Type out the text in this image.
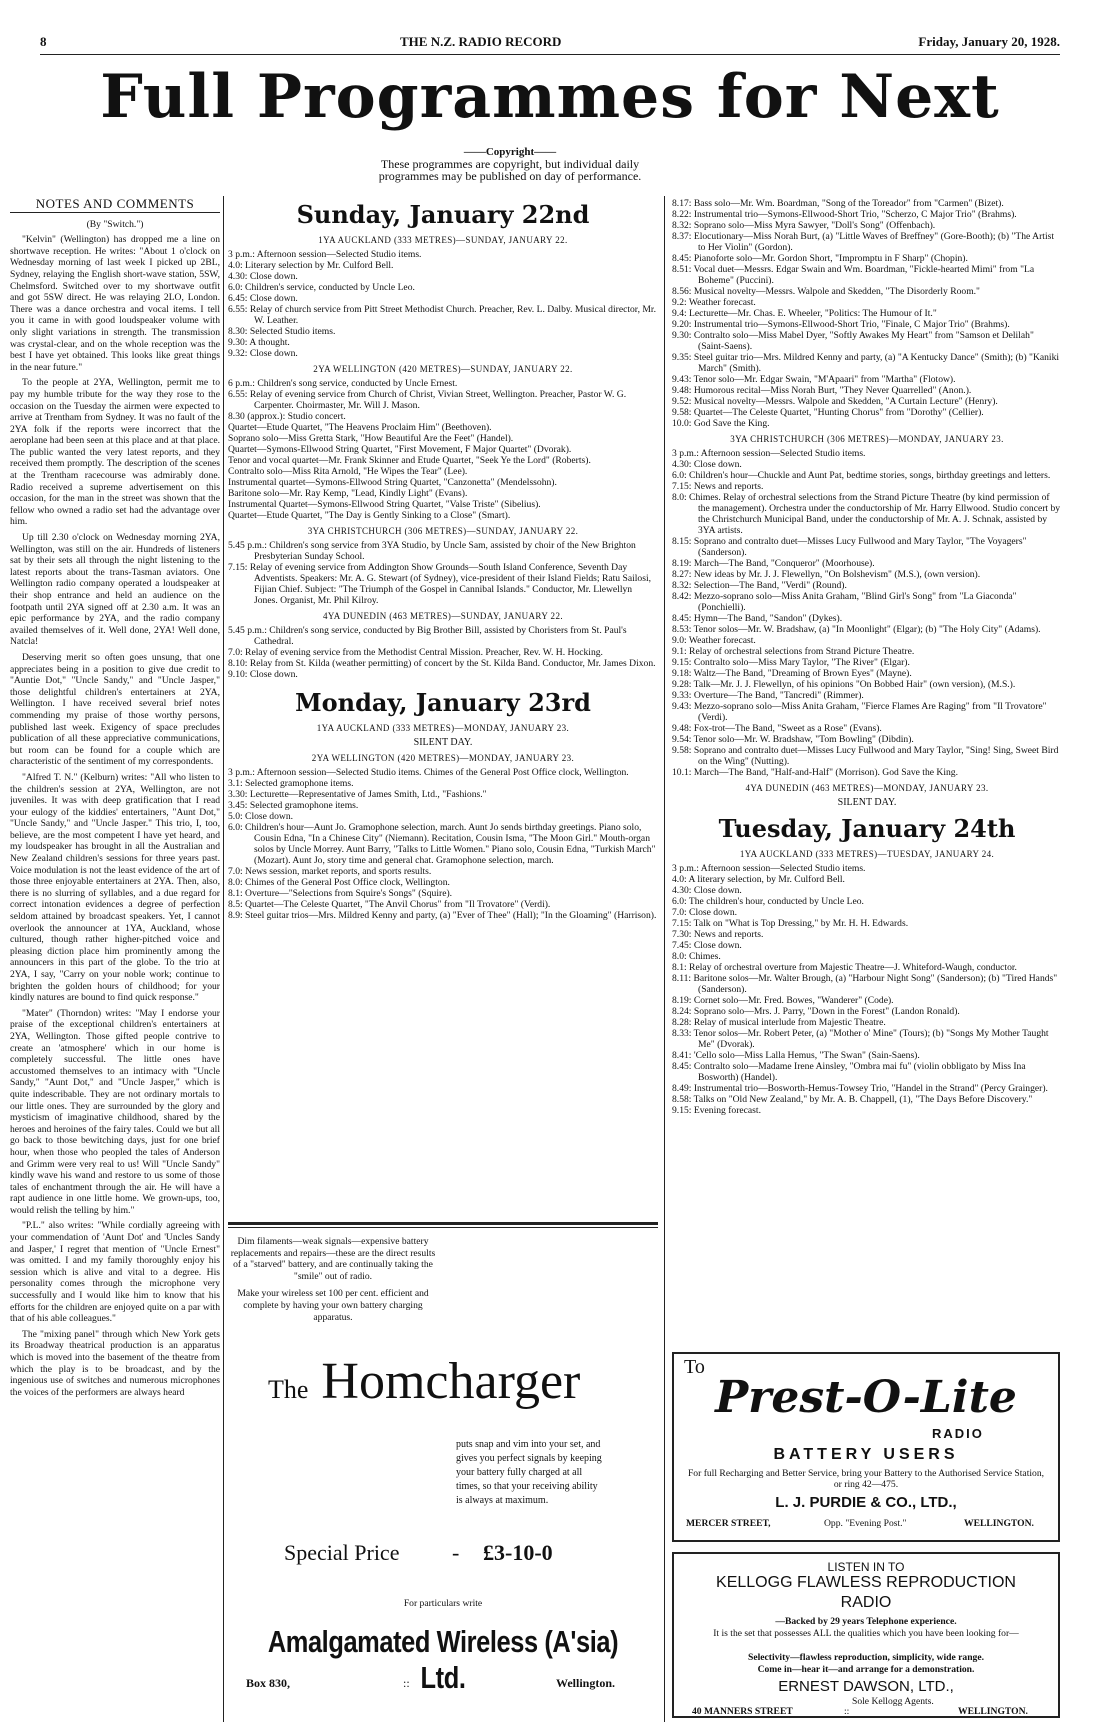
8	THE N.Z. RADIO RECORD	Friday, January 20, 1928.
Full Programmes for Next
——Copyright——
These programmes are copyright, but individual daily
programmes may be published on day of performance.
NOTES AND COMMENTS

(By "Switch.")

"Kelvin" (Wellington) has dropped me a line on shortwave reception. He writes: "About 1 o'clock on Wednesday morning of last week I picked up 2BL, Sydney, relaying the English short-wave station, 5SW, Chelmsford. Switched over to my shortwave outfit and got 5SW direct. He was relaying 2LO, London. There was a dance orchestra and vocal items. I tell you it came in with good loudspeaker volume with only slight variations in strength. The transmission was crystal-clear, and on the whole reception was the best I have yet obtained. This looks like great things in the near future."

To the people at 2YA, Wellington, permit me to pay my humble tribute for the way they rose to the occasion on the Tuesday the airmen were expected to arrive at Trentham from Sydney. It was no fault of the 2YA folk if the reports were incorrect that the aeroplane had been seen at this place and at that place. The public wanted the very latest reports, and they received them promptly. The description of the scenes at the Trentham racecourse was admirably done. Radio received a supreme advertisement on this occasion, for the man in the street was shown that the fellow who owned a radio set had the advantage over him.

Up till 2.30 o'clock on Wednesday morning 2YA, Wellington, was still on the air. Hundreds of listeners sat by their sets all through the night listening to the latest reports about the trans-Tasman aviators. One Wellington radio company operated a loudspeaker at their shop entrance and held an audience on the footpath until 2YA signed off at 2.30 a.m. It was an epic performance by 2YA, and the radio company availed themselves of it. Well done, 2YA! Well done, Natcla!

Deserving merit so often goes unsung, that one appreciates being in a position to give due credit to "Auntie Dot," "Uncle Sandy," and "Uncle Jasper," those delightful children's entertainers at 2YA, Wellington. I have received several brief notes commending my praise of those worthy persons, published last week. Exigency of space precludes publication of all these appreciative communications, but room can be found for a couple which are characteristic of the sentiment of my correspondents.

"Alfred T. N." (Kelburn) writes: "All who listen to the children's session at 2YA, Wellington, are not juveniles. It was with deep gratification that I read your eulogy of the kiddies' entertainers, "Aunt Dot," "Uncle Sandy," and "Uncle Jasper." This trio, I, too, believe, are the most competent I have yet heard, and my loudspeaker has brought in all the Australian and New Zealand children's sessions for three years past. Voice modulation is not the least evidence of the art of those three enjoyable entertainers at 2YA. Then, also, there is no slurring of syllables, and a due regard for correct intonation evidences a degree of perfection seldom attained by broadcast speakers. Yet, I cannot overlook the announcer at 1YA, Auckland, whose cultured, though rather higher-pitched voice and pleasing diction place him prominently among the announcers in this part of the globe. To the trio at 2YA, I say, "Carry on your noble work; continue to brighten the golden hours of childhood; for your kindly natures are bound to find quick response."

"Mater" (Thorndon) writes: "May I endorse your praise of the exceptional children's entertainers at 2YA, Wellington. Those gifted people contrive to create an 'atmosphere' which in our home is completely successful. The little ones have accustomed themselves to an intimacy with "Uncle Sandy," "Aunt Dot," and "Uncle Jasper," which is quite indescribable. They are not ordinary mortals to our little ones. They are surrounded by the glory and mysticism of imaginative childhood, shared by the heroes and heroines of the fairy tales. Could we but all go back to those bewitching days, just for one brief hour, when those who peopled the tales of Anderson and Grimm were very real to us! Will "Uncle Sandy" kindly wave his wand and restore to us some of those tales of enchantment through the air. He will have a rapt audience in one little home. We grown-ups, too, would relish the telling by him."

"P.L." also writes: "While cordially agreeing with your commendation of 'Aunt Dot' and 'Uncles Sandy and Jasper,' I regret that mention of "Uncle Ernest" was omitted. I and my family thoroughly enjoy his session which is alive and vital to a degree. His personality comes through the microphone very successfully and I would like him to know that his efforts for the children are enjoyed quite on a par with that of his able colleagues."

The "mixing panel" through which New York gets its Broadway theatrical production is an apparatus which is moved into the basement of the theatre from which the play is to be broadcast, and by the ingenious use of switches and numerous microphones the voices of the performers are always heard

Sunday, January 22nd
1YA AUCKLAND (333 METRES)—SUNDAY, JANUARY 22.
3 p.m.: Afternoon session—Selected Studio items.
4.0: Literary selection by Mr. Culford Bell.
4.30: Close down.
6.0: Children's service, conducted by Uncle Leo.
6.45: Close down.
6.55: Relay of church service from Pitt Street Methodist Church. Preacher, Rev. L. Dalby. Musical director, Mr. W. Leather.
8.30: Selected Studio items.
9.30: A thought.
9.32: Close down.
2YA WELLINGTON (420 METRES)—SUNDAY, JANUARY 22.
6 p.m.: Children's song service, conducted by Uncle Ernest.
6.55: Relay of evening service from Church of Christ, Vivian Street, Wellington. Preacher, Pastor W. G. Carpenter. Choirmaster, Mr. Will J. Mason.
8.30 (approx.): Studio concert.
Quartet—Etude Quartet, "The Heavens Proclaim Him" (Beethoven).
Soprano solo—Miss Gretta Stark, "How Beautiful Are the Feet" (Handel).
Quartet—Symons-Ellwood String Quartet, "First Movement, F Major Quartet" (Dvorak).
Tenor and vocal quartet—Mr. Frank Skinner and Etude Quartet, "Seek Ye the Lord" (Roberts).
Contralto solo—Miss Rita Arnold, "He Wipes the Tear" (Lee).
Instrumental quartet—Symons-Ellwood String Quartet, "Canzonetta" (Mendelssohn).
Baritone solo—Mr. Ray Kemp, "Lead, Kindly Light" (Evans).
Instrumental Quartet—Symons-Ellwood String Quartet, "Valse Triste" (Sibelius).
Quartet—Etude Quartet, "The Day is Gently Sinking to a Close" (Smart).
3YA CHRISTCHURCH (306 METRES)—SUNDAY, JANUARY 22.
5.45 p.m.: Children's song service from 3YA Studio, by Uncle Sam, assisted by choir of the New Brighton Presbyterian Sunday School.
7.15: Relay of evening service from Addington Show Grounds—South Island Conference, Seventh Day Adventists. Speakers: Mr. A. G. Stewart (of Sydney), vice-president of their Island Fields; Ratu Sailosi, Fijian Chief. Subject: "The Triumph of the Gospel in Cannibal Islands." Conductor, Mr. Llewellyn Jones. Organist, Mr. Phil Kilroy.
4YA DUNEDIN (463 METRES)—SUNDAY, JANUARY 22.
5.45 p.m.: Children's song service, conducted by Big Brother Bill, assisted by Choristers from St. Paul's Cathedral.
7.0: Relay of evening service from the Methodist Central Mission. Preacher, Rev. W. H. Hocking.
8.10: Relay from St. Kilda (weather permitting) of concert by the St. Kilda Band. Conductor, Mr. James Dixon.
9.10: Close down.
Monday, January 23rd
1YA AUCKLAND (333 METRES)—MONDAY, JANUARY 23.
SILENT DAY.
2YA WELLINGTON (420 METRES)—MONDAY, JANUARY 23.
3 p.m.: Afternoon session—Selected Studio items. Chimes of the General Post Office clock, Wellington.
3.1: Selected gramophone items.
3.30: Lecturette—Representative of James Smith, Ltd., "Fashions."
3.45: Selected gramophone items.
5.0: Close down.
6.0: Children's hour—Aunt Jo. Gramophone selection, march. Aunt Jo sends birthday greetings. Piano solo, Cousin Edna, "In a Chinese City" (Niemann). Recitation, Cousin Isma, "The Moon Girl." Mouth-organ solos by Uncle Morrey. Aunt Barry, "Talks to Little Women." Piano solo, Cousin Edna, "Turkish March" (Mozart). Aunt Jo, story time and general chat. Gramophone selection, march.
7.0: News session, market reports, and sports results.
8.0: Chimes of the General Post Office clock, Wellington.
8.1: Overture—"Selections from Squire's Songs" (Squire).
8.5: Quartet—The Celeste Quartet, "The Anvil Chorus" from "Il Trovatore" (Verdi).
8.9: Steel guitar trios—Mrs. Mildred Kenny and party, (a) "Ever of Thee" (Hall); "In the Gloaming" (Harrison).
8.17: Bass solo—Mr. Wm. Boardman, "Song of the Toreador" from "Carmen" (Bizet).
8.22: Instrumental trio—Symons-Ellwood-Short Trio, "Scherzo, C Major Trio" (Brahms).
8.32: Soprano solo—Miss Myra Sawyer, "Doll's Song" (Offenbach).
8.37: Elocutionary—Miss Norah Burt, (a) "Little Waves of Breffney" (Gore-Booth); (b) "The Artist to Her Violin" (Gordon).
8.45: Pianoforte solo—Mr. Gordon Short, "Impromptu in F Sharp" (Chopin).
8.51: Vocal duet—Messrs. Edgar Swain and Wm. Boardman, "Fickle-hearted Mimi" from "La Boheme" (Puccini).
8.56: Musical novelty—Messrs. Walpole and Skedden, "The Disorderly Room."
9.2: Weather forecast.
9.4: Lecturette—Mr. Chas. E. Wheeler, "Politics: The Humour of It."
9.20: Instrumental trio—Symons-Ellwood-Short Trio, "Finale, C Major Trio" (Brahms).
9.30: Contralto solo—Miss Mabel Dyer, "Softly Awakes My Heart" from "Samson et Delilah" (Saint-Saens).
9.35: Steel guitar trio—Mrs. Mildred Kenny and party, (a) "A Kentucky Dance" (Smith); (b) "Kaniki March" (Smith).
9.43: Tenor solo—Mr. Edgar Swain, "M'Apaari" from "Martha" (Flotow).
9.48: Humorous recital—Miss Norah Burt, "They Never Quarrelled" (Anon.).
9.52: Musical novelty—Messrs. Walpole and Skedden, "A Curtain Lecture" (Henry).
9.58: Quartet—The Celeste Quartet, "Hunting Chorus" from "Dorothy" (Cellier).
10.0: God Save the King.
3YA CHRISTCHURCH (306 METRES)—MONDAY, JANUARY 23.
3 p.m.: Afternoon session—Selected Studio items.
4.30: Close down.
6.0: Children's hour—Chuckle and Aunt Pat, bedtime stories, songs, birthday greetings and letters.
7.15: News and reports.
8.0: Chimes. Relay of orchestral selections from the Strand Picture Theatre (by kind permission of the management). Orchestra under the conductorship of Mr. Harry Ellwood. Studio concert by the Christchurch Municipal Band, under the conductorship of Mr. A. J. Schnak, assisted by 3YA artists.
8.15: Soprano and contralto duet—Misses Lucy Fullwood and Mary Taylor, "The Voyagers" (Sanderson).
8.19: March—The Band, "Conqueror" (Moorhouse).
8.27: New ideas by Mr. J. J. Flewellyn, "On Bolshevism" (M.S.), (own version).
8.32: Selection—The Band, "Verdi" (Round).
8.42: Mezzo-soprano solo—Miss Anita Graham, "Blind Girl's Song" from "La Giaconda" (Ponchielli).
8.45: Hymn—The Band, "Sandon" (Dykes).
8.53: Tenor solos—Mr. W. Bradshaw, (a) "In Moonlight" (Elgar); (b) "The Holy City" (Adams).
9.0: Weather forecast.
9.1: Relay of orchestral selections from Strand Picture Theatre.
9.15: Contralto solo—Miss Mary Taylor, "The River" (Elgar).
9.18: Waltz—The Band, "Dreaming of Brown Eyes" (Mayne).
9.28: Talk—Mr. J. J. Flewellyn, of his opinions "On Bobbed Hair" (own version), (M.S.).
9.33: Overture—The Band, "Tancredi" (Rimmer).
9.43: Mezzo-soprano solo—Miss Anita Graham, "Fierce Flames Are Raging" from "Il Trovatore" (Verdi).
9.48: Fox-trot—The Band, "Sweet as a Rose" (Evans).
9.54: Tenor solo—Mr. W. Bradshaw, "Tom Bowling" (Dibdin).
9.58: Soprano and contralto duet—Misses Lucy Fullwood and Mary Taylor, "Sing! Sing, Sweet Bird on the Wing" (Nutting).
10.1: March—The Band, "Half-and-Half" (Morrison). God Save the King.
4YA DUNEDIN (463 METRES)—MONDAY, JANUARY 23.
SILENT DAY.
Tuesday, January 24th
1YA AUCKLAND (333 METRES)—TUESDAY, JANUARY 24.
3 p.m.: Afternoon session—Selected Studio items.
4.0: A literary selection, by Mr. Culford Bell.
4.30: Close down.
6.0: The children's hour, conducted by Uncle Leo.
7.0: Close down.
7.15: Talk on "What is Top Dressing," by Mr. H. H. Edwards.
7.30: News and reports.
7.45: Close down.
8.0: Chimes.
8.1: Relay of orchestral overture from Majestic Theatre—J. Whiteford-Waugh, conductor.
8.11: Baritone solos—Mr. Walter Brough, (a) "Harbour Night Song" (Sanderson); (b) "Tired Hands" (Sanderson).
8.19: Cornet solo—Mr. Fred. Bowes, "Wanderer" (Code).
8.24: Soprano solo—Mrs. J. Parry, "Down in the Forest" (Landon Ronald).
8.28: Relay of musical interlude from Majestic Theatre.
8.33: Tenor solos—Mr. Robert Peter, (a) "Mother o' Mine" (Tours); (b) "Songs My Mother Taught Me" (Dvorak).
8.41: 'Cello solo—Miss Lalla Hemus, "The Swan" (Sain-Saens).
8.45: Contralto solo—Madame Irene Ainsley, "Ombra mai fu" (violin obbligato by Miss Ina Bosworth) (Handel).
8.49: Instrumental trio—Bosworth-Hemus-Towsey Trio, "Handel in the Strand" (Percy Grainger).
8.58: Talks on "Old New Zealand," by Mr. A. B. Chappell, (1), "The Days Before Discovery."
9.15: Evening forecast.
Dim filaments—weak signals—expensive battery replacements and repairs—these are the direct results of a "starved" battery, and are continually taking the "smile" out of radio.
Make your wireless set 100 per cent. efficient and complete by having your own battery charging apparatus.
The Homcharger
puts snap and vim into your set, and gives you perfect signals by keeping your battery fully charged at all times, so that your receiving ability is always at maximum.
Special Price - £3-10-0
For particulars write
Amalgamated Wireless (A'sia) Ltd.
Box 830,	::	Wellington.
To
Prest-O-Lite
RADIO
BATTERY USERS
For full Recharging and Better Service, bring your Battery to the Authorised Service Station, or ring 42—475.
L. J. PURDIE & CO., LTD.,
MERCER STREET,	Opp. "Evening Post."	WELLINGTON.
LISTEN IN TO
KELLOGG FLAWLESS REPRODUCTION
RADIO
—Backed by 29 years Telephone experience.
It is the set that possesses ALL the qualities which you have been looking for—
Selectivity—flawless reproduction, simplicity, wide range.
Come in—hear it—and arrange for a demonstration.
ERNEST DAWSON, LTD.,
Sole Kellogg Agents.
40 MANNERS STREET	::	WELLINGTON.
